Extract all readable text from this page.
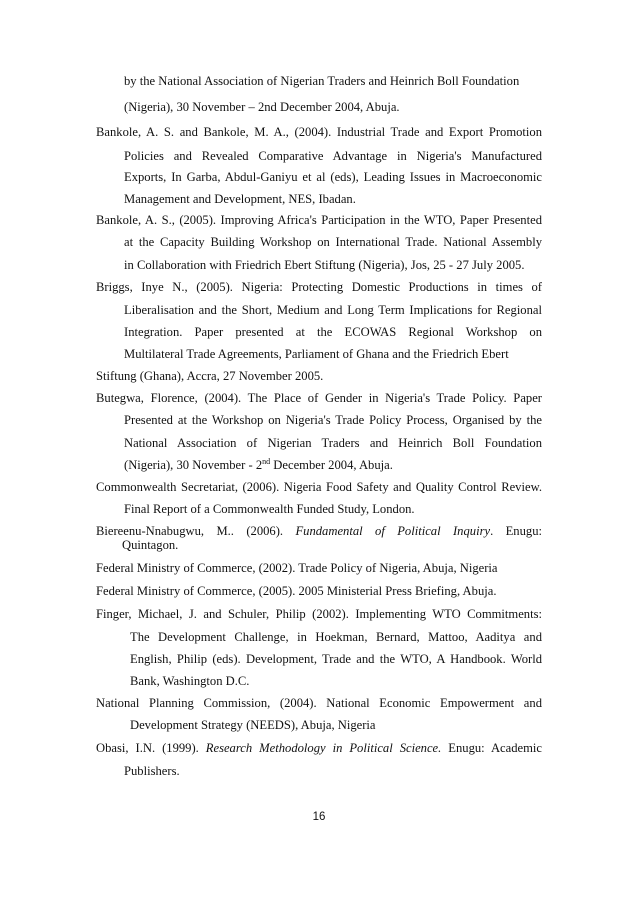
by the National Association of Nigerian Traders and Heinrich Boll Foundation
(Nigeria), 30 November – 2nd December 2004, Abuja.
Bankole, A. S. and Bankole, M. A., (2004). Industrial Trade and Export Promotion
Policies and Revealed Comparative Advantage in Nigeria's Manufactured
Exports, In Garba, Abdul-Ganiyu et al (eds), Leading Issues in Macroeconomic
Management and Development, NES, Ibadan.
Bankole, A. S., (2005). Improving Africa's Participation in the WTO, Paper Presented
at the Capacity Building Workshop on International Trade. National Assembly
in Collaboration with Friedrich Ebert Stiftung (Nigeria), Jos, 25 - 27 July 2005.
Briggs, Inye N., (2005). Nigeria: Protecting Domestic Productions in times of
Liberalisation and the Short, Medium and Long Term Implications for Regional
Integration. Paper presented at the ECOWAS Regional Workshop on
Multilateral Trade Agreements, Parliament of Ghana and the Friedrich Ebert
Stiftung (Ghana), Accra, 27 November 2005.
Butegwa, Florence, (2004). The Place of Gender in Nigeria's Trade Policy. Paper
Presented at the Workshop on Nigeria's Trade Policy Process, Organised by the
National Association of Nigerian Traders and Heinrich Boll Foundation
(Nigeria), 30 November - 2nd December 2004, Abuja.
Commonwealth Secretariat, (2006). Nigeria Food Safety and Quality Control Review.
Final Report of a Commonwealth Funded Study, London.
Biereenu-Nnabugwu, M.. (2006). Fundamental of Political Inquiry. Enugu:
Quintagon.
Federal Ministry of Commerce, (2002). Trade Policy of Nigeria, Abuja, Nigeria
Federal Ministry of Commerce, (2005). 2005 Ministerial Press Briefing, Abuja.
Finger, Michael, J. and Schuler, Philip (2002). Implementing WTO Commitments:
The Development Challenge, in Hoekman, Bernard, Mattoo, Aaditya and
English, Philip (eds). Development, Trade and the WTO, A Handbook. World
Bank, Washington D.C.
National Planning Commission, (2004). National Economic Empowerment and
Development Strategy (NEEDS), Abuja, Nigeria
Obasi, I.N. (1999). Research Methodology in Political Science. Enugu: Academic
Publishers.
16
